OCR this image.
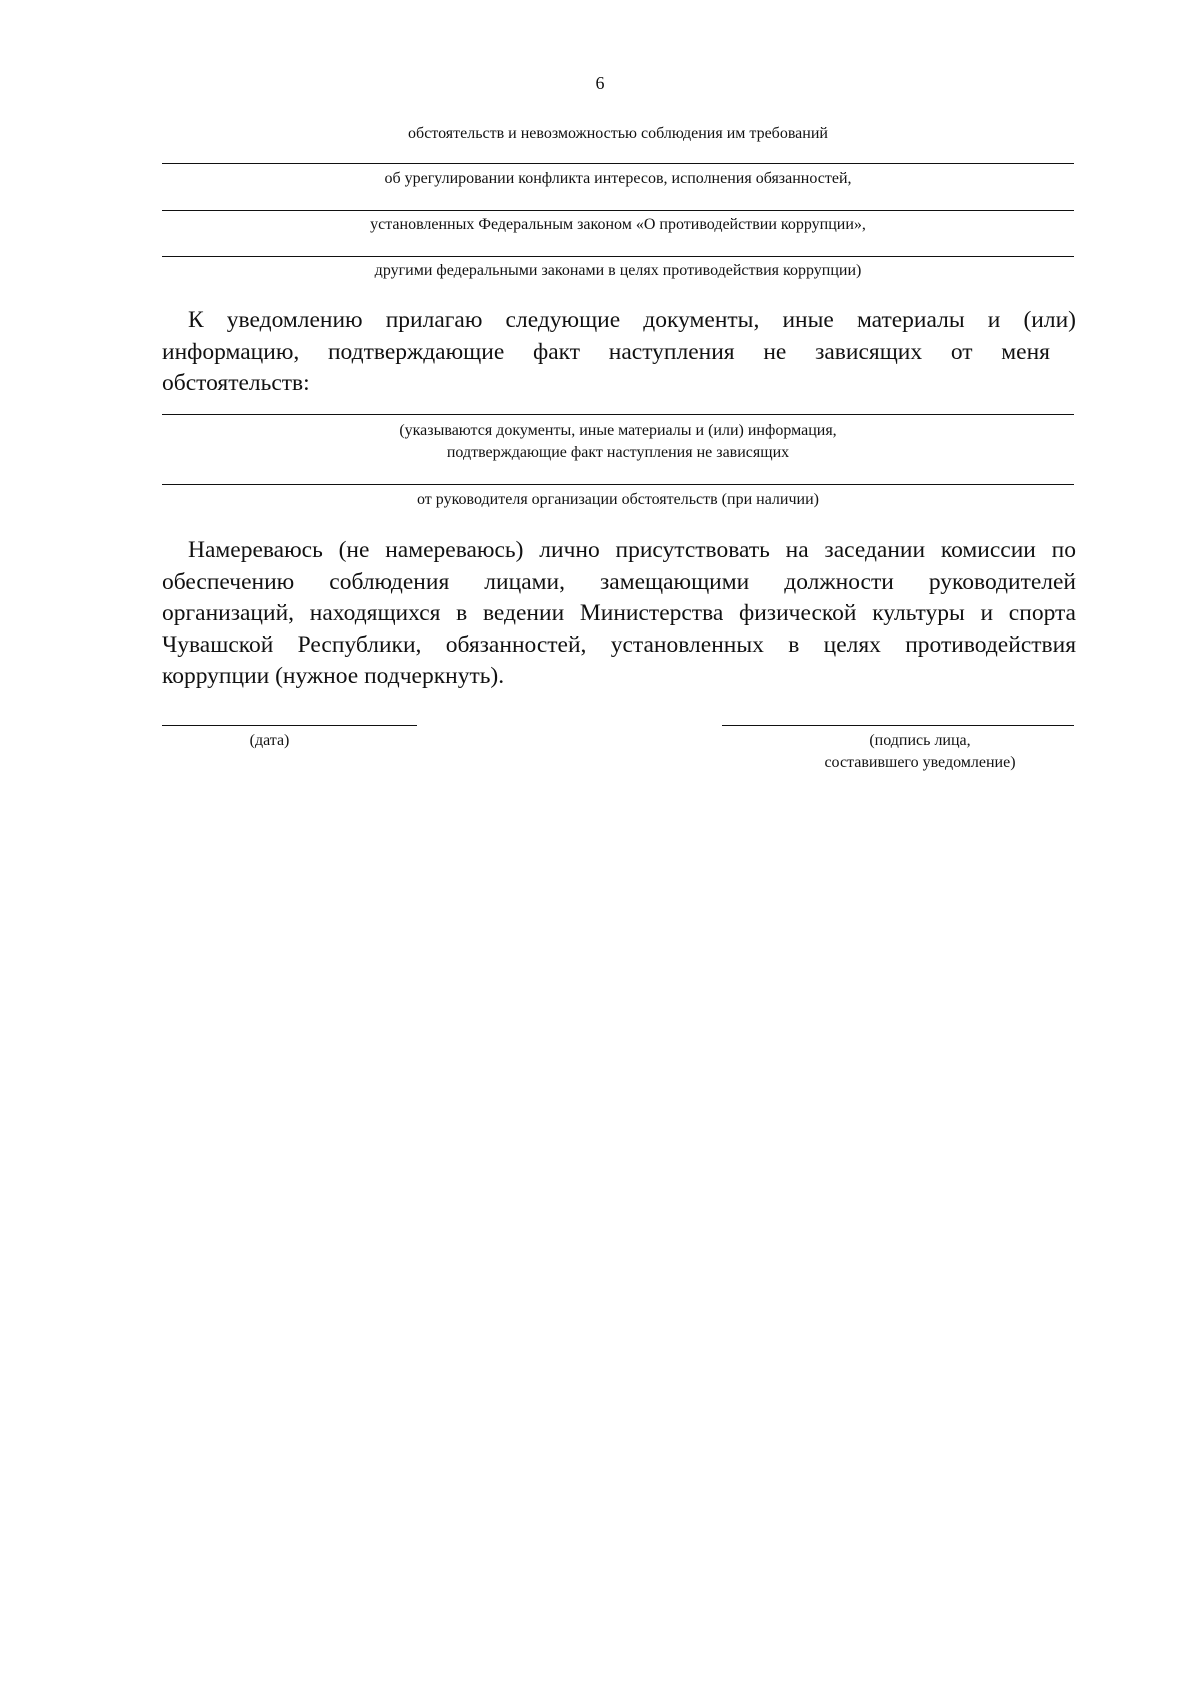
6
обстоятельств и невозможностью соблюдения им требований
об урегулировании конфликта интересов, исполнения обязанностей,
установленных Федеральным законом «О противодействии коррупции»,
другими федеральными законами в целях противодействия коррупции)
К уведомлению прилагаю следующие документы, иные материалы и (или)
информацию, подтверждающие факт наступления не зависящих от меня
обстоятельств:
(указываются документы, иные материалы и (или) информация,
подтверждающие факт наступления не зависящих
от руководителя организации обстоятельств (при наличии)
Намереваюсь (не намереваюсь) лично присутствовать на заседании комиссии по
обеспечению соблюдения лицами, замещающими должности руководителей
организаций, находящихся в ведении Министерства физической культуры и спорта
Чувашской Республики, обязанностей, установленных в целях противодействия
коррупции (нужное подчеркнуть).
(дата)	(подпись лица,
составившего уведомление)
